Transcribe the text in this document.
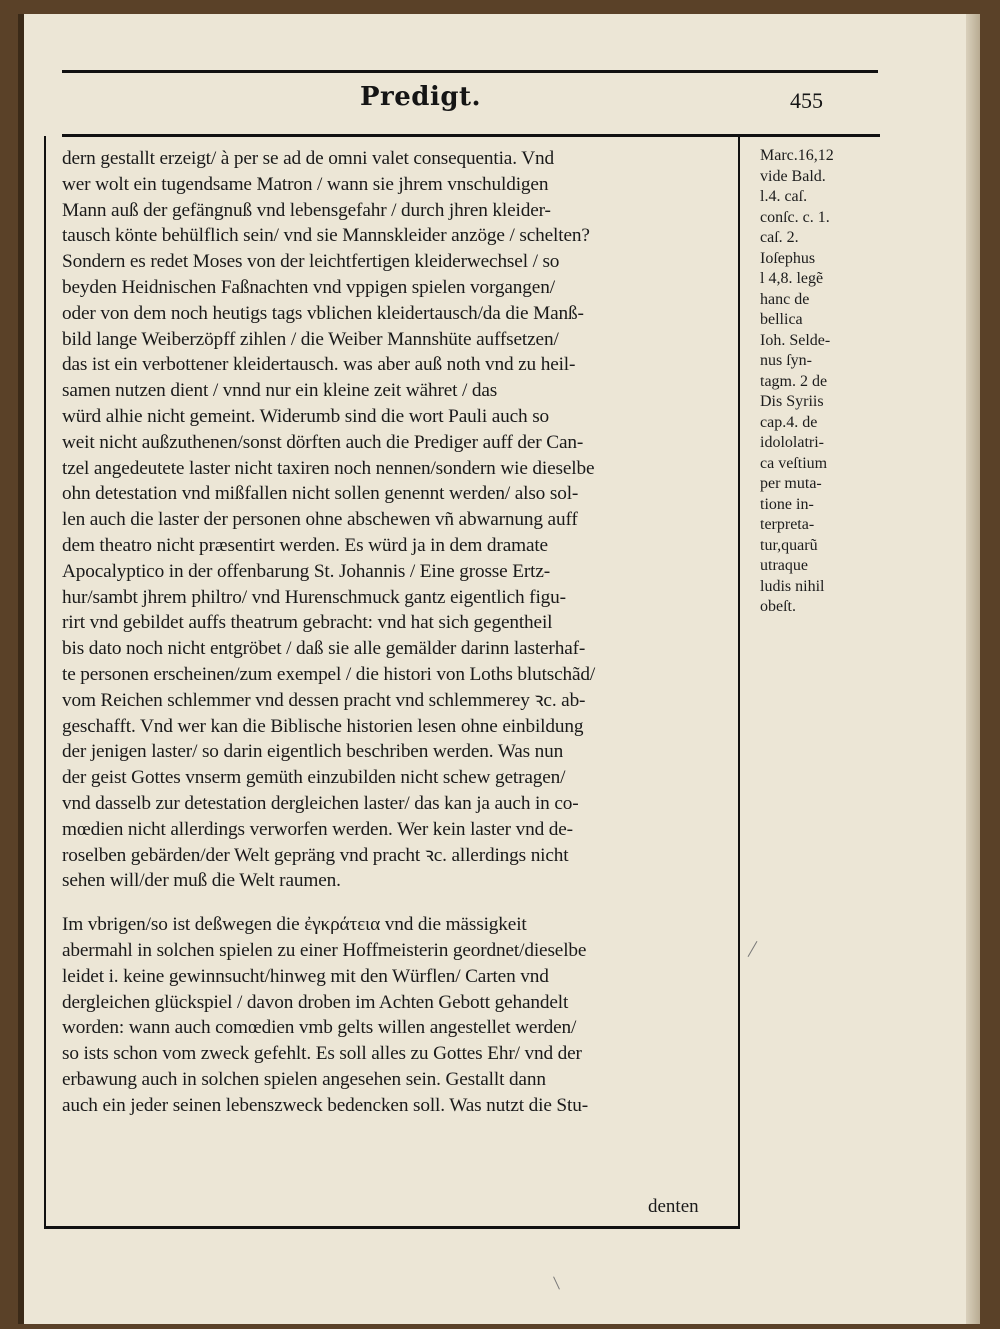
Predigt.	455
dern gestallt erzeigt/ à per se ad de omni valet consequentia. Vnd
wer wolt ein tugendsame Matron / wann sie jhrem vnschuldigen
Mann auß der gefängnuß vnd lebensgefahr / durch jhren kleider-
tausch könte behülflich sein/ vnd sie Mannskleider anzöge / schelten?
Sondern es redet Moses von der leichtfertigen kleiderwechsel / so
beyden Heidnischen Faßnachten vnd vppigen spielen vorgangen/
oder von dem noch heutigs tags vblichen kleidertausch/da die Manß-
bild lange Weiberzöpff zihlen / die Weiber Mannshüte auffsetzen/
das ist ein verbottener kleidertausch. was aber auß noth vnd zu heil-
samen nutzen dient / vnnd nur ein kleine zeit währet / das
würd alhie nicht gemeint. Widerumb sind die wort Pauli auch so
weit nicht außzuthenen/sonst dörften auch die Prediger auff der Can-
tzel angedeutete laster nicht taxiren noch nennen/sondern wie dieselbe
ohn detestation vnd mißfallen nicht sollen genennt werden/ also sol-
len auch die laster der personen ohne abschewen vñ abwarnung auff
dem theatro nicht præsentirt werden. Es würd ja in dem dramate
Apocalyptico in der offenbarung St. Johannis / Eine grosse Ertz-
hur/sambt jhrem philtro/ vnd Hurenschmuck gantz eigentlich figu-
rirt vnd gebildet auffs theatrum gebracht: vnd hat sich gegentheil
bis dato noch nicht entgröbet / daß sie alle gemälder darinn lasterhaf-
te personen erscheinen/zum exempel / die histori von Loths blutschãd/
vom Reichen schlemmer vnd dessen pracht vnd schlemmerey ꝛc. ab-
geschafft. Vnd wer kan die Biblische historien lesen ohne einbildung
der jenigen laster/ so darin eigentlich beschriben werden. Was nun
der geist Gottes vnserm gemüth einzubilden nicht schew getragen/
vnd dasselb zur detestation dergleichen laster/ das kan ja auch in co-
mœdien nicht allerdings verworfen werden. Wer kein laster vnd de-
roselben gebärden/der Welt gepräng vnd pracht ꝛc. allerdings nicht
sehen will/der muß die Welt raumen.
Im vbrigen/so ist deßwegen die ἐγκράτεια vnd die mässigkeit
abermahl in solchen spielen zu einer Hoffmeisterin geordnet/dieselbe
leidet i. keine gewinnsucht/hinweg mit den Würflen/ Carten vnd
dergleichen glückspiel / davon droben im Achten Gebott gehandelt
worden: wann auch comœdien vmb gelts willen angestellet werden/
so ists schon vom zweck gefehlt. Es soll alles zu Gottes Ehr/ vnd der
erbawung auch in solchen spielen angesehen sein. Gestallt dann
auch ein jeder seinen lebenszweck bedencken soll. Was nutzt die Stu-
Marc.16,12
vide Bald.
l.4. caſ.
conſc. c. 1.
caſ. 2.
Ioſephus
l 4,8. legẽ
hanc de
bellica
Ioh. Selde-
nus ſyn-
tagm. 2 de
Dis Syriis
cap.4. de
idololatri-
ca veſtium
per muta-
tione in-
terpreta-
tur,quarũ
utraque
ludis nihil
obeſt.
denten
